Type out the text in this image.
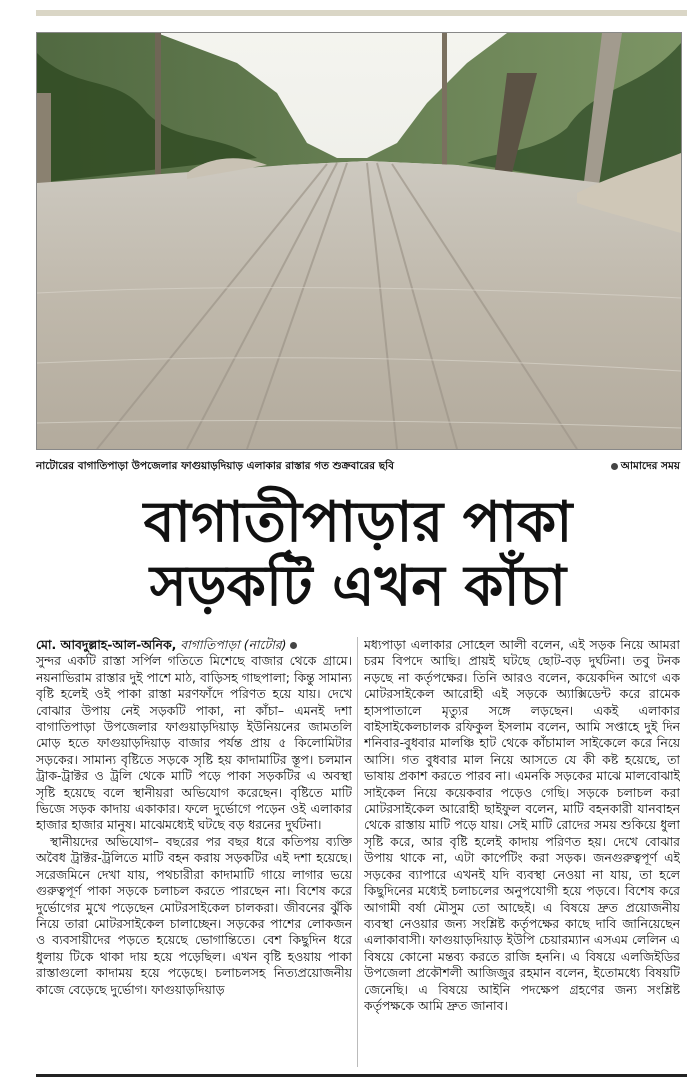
নাটোরের বাগাতিপাড়া উপজেলার ফাগুয়াড়দিয়াড় এলাকার রাস্তার গত শুক্রবারের ছবি	আমাদের সময়
বাগাতীপাড়ার পাকা
সড়কটি এখন কাঁচা

মো. আবদুল্লাহ-আল-অনিক, বাগাতিপাড়া (নাটোর)

সুন্দর একটি রাস্তা সর্পিল গতিতে মিশেছে বাজার থেকে গ্রামে। নয়নাভিরাম রাস্তার দুই পাশে মাঠ, বাড়িসহ গাছপালা; কিন্তু সামান্য বৃষ্টি হলেই ওই পাকা রাস্তা মরণফাঁদে পরিণত হয়ে যায়। দেখে বোঝার উপায় নেই সড়কটি পাকা, না কাঁচা– এমনই দশা বাগাতিপাড়া উপজেলার ফাগুয়াড়দিয়াড় ইউনিয়নের জামতলি মোড় হতে ফাগুয়াড়দিয়াড় বাজার পর্যন্ত প্রায় ৫ কিলোমিটার সড়কের। সামান্য বৃষ্টিতে সড়কে সৃষ্টি হয় কাদামাটির স্তূপ। চলমান ট্রাক-ট্রাক্টর ও ট্রলি থেকে মাটি পড়ে পাকা সড়কটির এ অবস্থা সৃষ্টি হয়েছে বলে স্থানীয়রা অভিযোগ করেছেন। বৃষ্টিতে মাটি ভিজে সড়ক কাদায় একাকার। ফলে দুর্ভোগে পড়েন ওই এলাকার হাজার হাজার মানুষ। মাঝেমধ্যেই ঘটছে বড় ধরনের দুর্ঘটনা।

স্থানীয়দের অভিযোগ– বছরের পর বছর ধরে কতিপয় ব্যক্তি অবৈধ ট্রাক্টর-ট্রলিতে মাটি বহন করায় সড়কটির এই দশা হয়েছে। সরেজমিনে দেখা যায়, পথচারীরা কাদামাটি গায়ে লাগার ভয়ে গুরুত্বপূর্ণ পাকা সড়কে চলাচল করতে পারছেন না। বিশেষ করে দুর্ভোগের মুখে পড়েছেন মোটরসাইকেল চালকরা। জীবনের ঝুঁকি নিয়ে তারা মোটরসাইকেল চালাচ্ছেন। সড়কের পাশের লোকজন ও ব্যবসায়ীদের পড়তে হয়েছে ভোগান্তিতে। বেশ কিছুদিন ধরে ধুলায় টিকে থাকা দায় হয়ে পড়েছিল। এখন বৃষ্টি হওয়ায় পাকা রাস্তাগুলো কাদাময় হয়ে পড়েছে। চলাচলসহ নিত্যপ্রয়োজনীয় কাজে বেড়েছে দুর্ভোগ। ফাগুয়াড়দিয়াড়

মধ্যপাড়া এলাকার সোহেল আলী বলেন, এই সড়ক নিয়ে আমরা চরম বিপদে আছি। প্রায়ই ঘটছে ছোট-বড় দুর্ঘটনা। তবু টনক নড়ছে না কর্তৃপক্ষের। তিনি আরও বলেন, কয়েকদিন আগে এক মোটরসাইকেল আরোহী এই সড়কে অ্যাক্সিডেন্ট করে রামেক হাসপাতালে মৃত্যুর সঙ্গে লড়ছেন। একই এলাকার বাইসাইকেলচালক রফিকুল ইসলাম বলেন, আমি সপ্তাহে দুই দিন শনিবার-বুধবার মালঞ্চি হাট থেকে কাঁচামাল সাইকেলে করে নিয়ে আসি। গত বুধবার মাল নিয়ে আসতে যে কী কষ্ট হয়েছে, তা ভাষায় প্রকাশ করতে পারব না। এমনকি সড়কের মাঝে মালবোঝাই সাইকেল নিয়ে কয়েকবার পড়েও গেছি। সড়কে চলাচল করা মোটরসাইকেল আরোহী ছাইফুল বলেন, মাটি বহনকারী যানবাহন থেকে রাস্তায় মাটি পড়ে যায়। সেই মাটি রোদের সময় শুকিয়ে ধুলা সৃষ্টি করে, আর বৃষ্টি হলেই কাদায় পরিণত হয়। দেখে বোঝার উপায় থাকে না, এটা কার্পেটিং করা সড়ক। জনগুরুত্বপূর্ণ এই সড়কের ব্যাপারে এখনই যদি ব্যবস্থা নেওয়া না যায়, তা হলে কিছুদিনের মধ্যেই চলাচলের অনুপযোগী হয়ে পড়বে। বিশেষ করে আগামী বর্ষা মৌসুম তো আছেই। এ বিষয়ে দ্রুত প্রয়োজনীয় ব্যবস্থা নেওয়ার জন্য সংশ্লিষ্ট কর্তৃপক্ষের কাছে দাবি জানিয়েছেন এলাকাবাসী। ফাগুয়াড়দিয়াড় ইউপি চেয়ারম্যান এসএম লেলিন এ বিষয়ে কোনো মন্তব্য করতে রাজি হননি। এ বিষয়ে এলজিইডির উপজেলা প্রকৌশলী আজিজুর রহমান বলেন, ইতোমধ্যে বিষয়টি জেনেছি। এ বিষয়ে আইনি পদক্ষেপ গ্রহণের জন্য সংশ্লিষ্ট কর্তৃপক্ষকে আমি দ্রুত জানাব।
